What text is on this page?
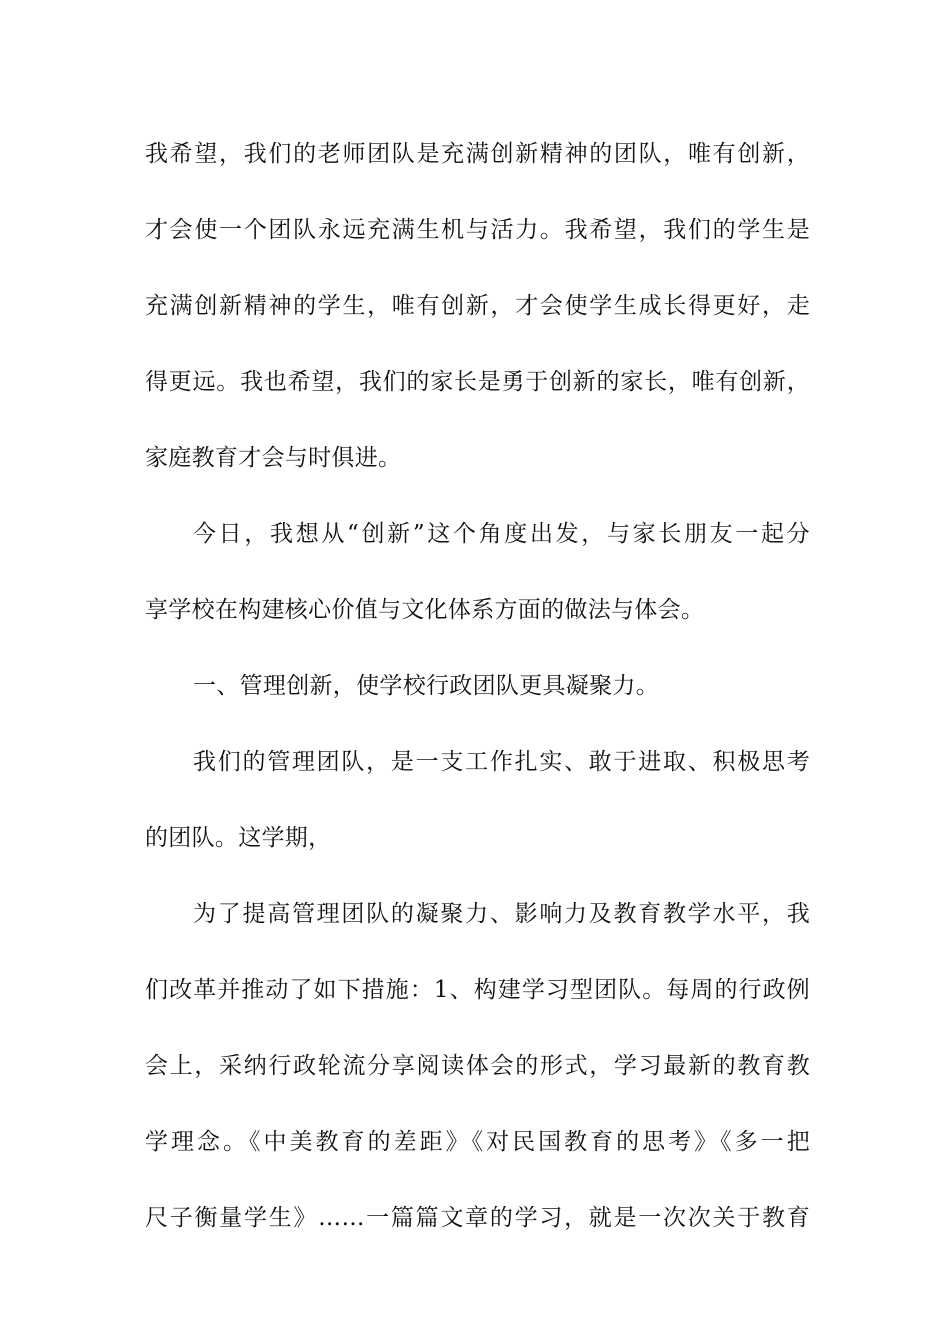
我希望，我们的老师团队是充满创新精神的团队，唯有创新，
才会使一个团队永远充满生机与活力。我希望，我们的学生是
充满创新精神的学生，唯有创新，才会使学生成长得更好，走
得更远。我也希望，我们的家长是勇于创新的家长，唯有创新，
家庭教育才会与时俱进。
今日，我想从“创新”这个角度出发，与家长朋友一起分
享学校在构建核心价值与文化体系方面的做法与体会。
一、管理创新，使学校行政团队更具凝聚力。
我们的管理团队，是一支工作扎实、敢于进取、积极思考
的团队。这学期，
为了提高管理团队的凝聚力、影响力及教育教学水平，我
们改革并推动了如下措施：1、构建学习型团队。每周的行政例
会上，采纳行政轮流分享阅读体会的形式，学习最新的教育教
学理念。《中美教育的差距》《对民国教育的思考》《多一把
尺子衡量学生》……一篇篇文章的学习，就是一次次关于教育
